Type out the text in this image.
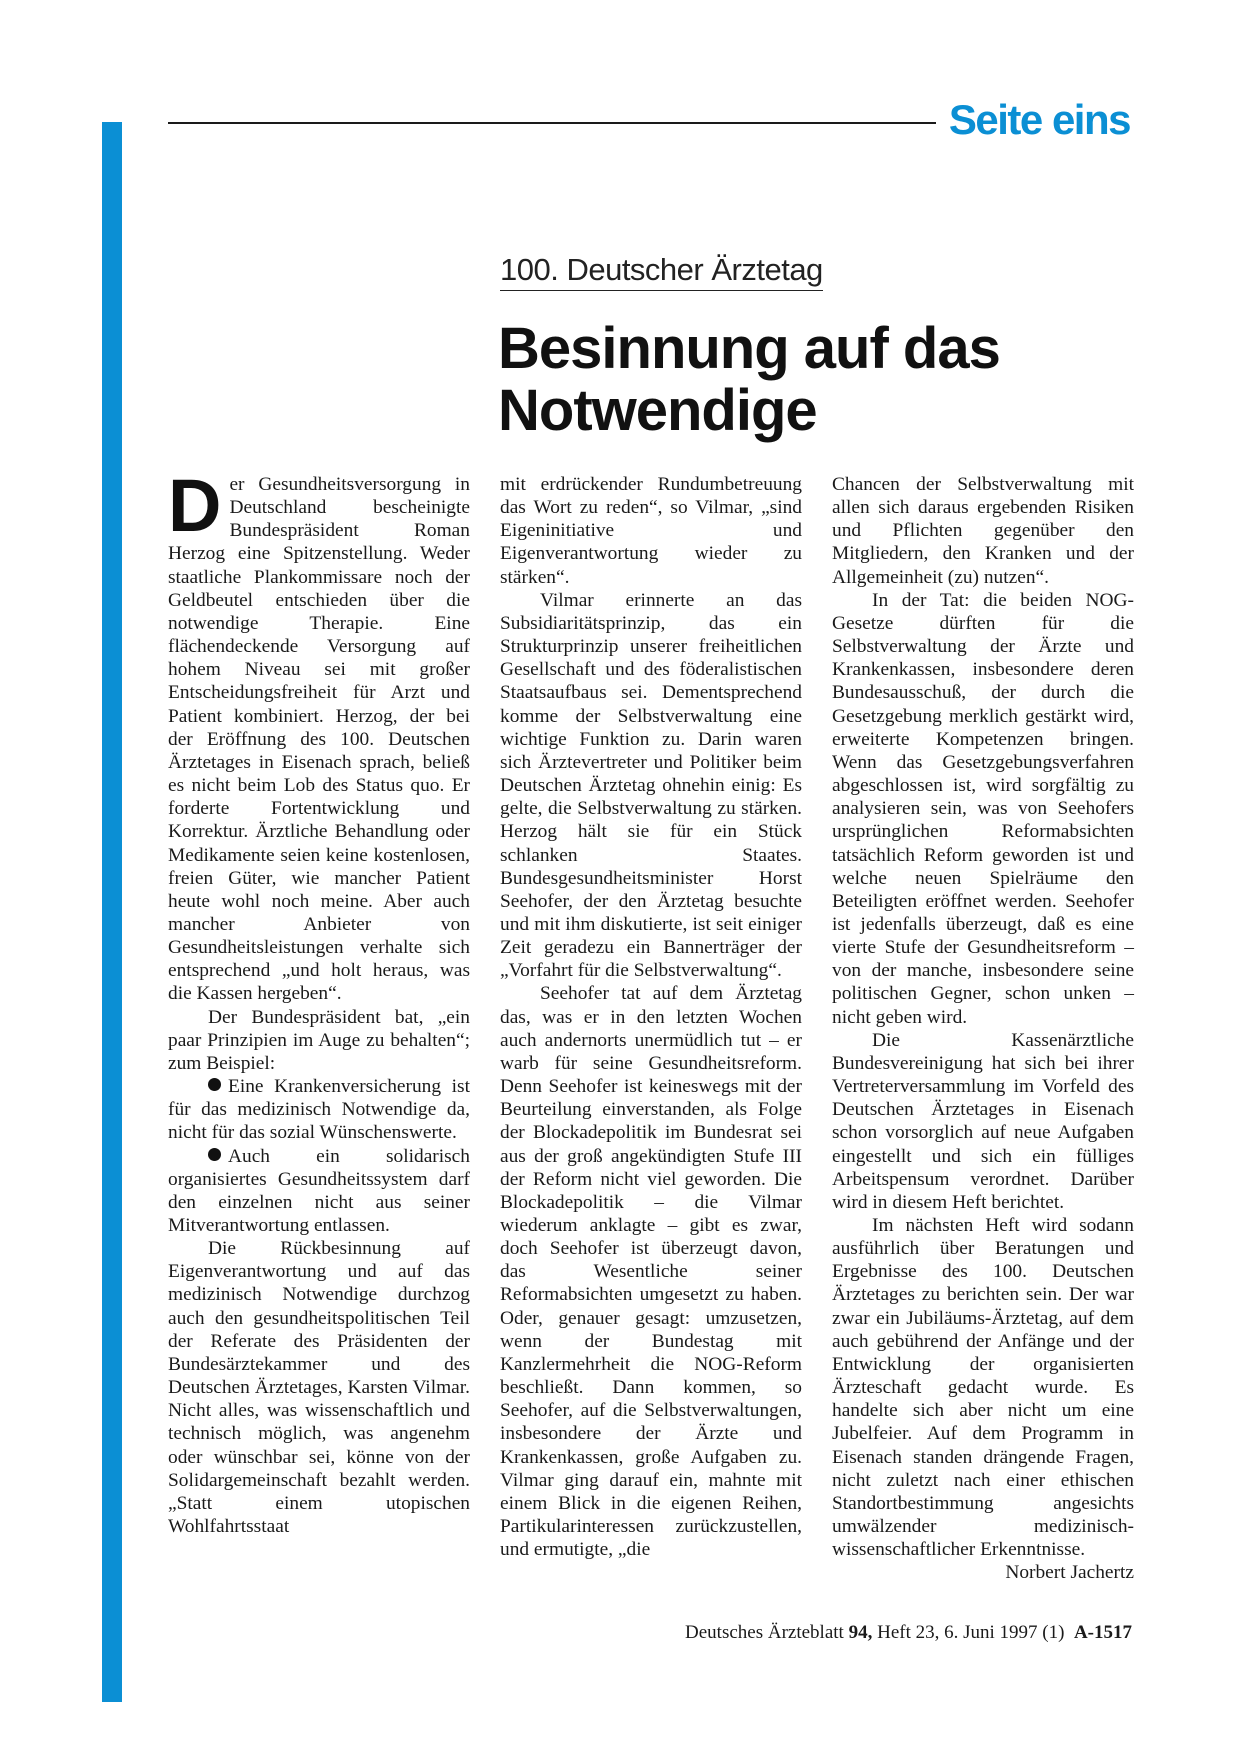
Seite eins
100. Deutscher Ärztetag
Besinnung auf das
Notwendige

Der Gesundheitsversorgung in Deutschland bescheinigte Bundespräsident Roman Herzog eine Spitzenstellung. Weder staatliche Plankommissare noch der Geldbeutel entschieden über die notwendige Therapie. Eine flächendeckende Versorgung auf hohem Niveau sei mit großer Entscheidungsfreiheit für Arzt und Patient kombiniert. Herzog, der bei der Eröffnung des 100. Deutschen Ärztetages in Eisenach sprach, beließ es nicht beim Lob des Status quo. Er forderte Fortentwicklung und Korrektur. Ärztliche Behandlung oder Medikamente seien keine kostenlosen, freien Güter, wie mancher Patient heute wohl noch meine. Aber auch mancher Anbieter von Gesundheitsleistungen verhalte sich entsprechend „und holt heraus, was die Kassen hergeben“.

Der Bundespräsident bat, „ein paar Prinzipien im Auge zu behalten“; zum Beispiel:

Eine Krankenversicherung ist für das medizinisch Notwendige da, nicht für das sozial Wünschenswerte.

Auch ein solidarisch organisiertes Gesundheitssystem darf den einzelnen nicht aus seiner Mitverantwortung entlassen.

Die Rückbesinnung auf Eigenverantwortung und auf das medizinisch Notwendige durchzog auch den gesundheitspolitischen Teil der Referate des Präsidenten der Bundesärztekammer und des Deutschen Ärztetages, Karsten Vilmar. Nicht alles, was wissenschaftlich und technisch möglich, was angenehm oder wünschbar sei, könne von der Solidargemeinschaft bezahlt werden. „Statt einem utopischen Wohlfahrtsstaat

mit erdrückender Rundumbetreuung das Wort zu reden“, so Vilmar, „sind Eigeninitiative und Eigenverantwortung wieder zu stärken“.

Vilmar erinnerte an das Subsidiaritätsprinzip, das ein Strukturprinzip unserer freiheitlichen Gesellschaft und des föderalistischen Staatsaufbaus sei. Dementsprechend komme der Selbstverwaltung eine wichtige Funktion zu. Darin waren sich Ärztevertreter und Politiker beim Deutschen Ärztetag ohnehin einig: Es gelte, die Selbstverwaltung zu stärken. Herzog hält sie für ein Stück schlanken Staates. Bundesgesundheitsminister Horst Seehofer, der den Ärztetag besuchte und mit ihm diskutierte, ist seit einiger Zeit geradezu ein Bannerträger der „Vorfahrt für die Selbstverwaltung“.

Seehofer tat auf dem Ärztetag das, was er in den letzten Wochen auch andernorts unermüdlich tut – er warb für seine Gesundheitsreform. Denn Seehofer ist keineswegs mit der Beurteilung einverstanden, als Folge der Blockadepolitik im Bundesrat sei aus der groß angekündigten Stufe III der Reform nicht viel geworden. Die Blockadepolitik – die Vilmar wiederum anklagte – gibt es zwar, doch Seehofer ist überzeugt davon, das Wesentliche seiner Reformabsichten umgesetzt zu haben. Oder, genauer gesagt: umzusetzen, wenn der Bundestag mit Kanzlermehrheit die NOG-Reform beschließt. Dann kommen, so Seehofer, auf die Selbstverwaltungen, insbesondere der Ärzte und Krankenkassen, große Aufgaben zu. Vilmar ging darauf ein, mahnte mit einem Blick in die eigenen Reihen, Partikularinteressen zurückzustellen, und ermutigte, „die

Chancen der Selbstverwaltung mit allen sich daraus ergebenden Risiken und Pflichten gegenüber den Mitgliedern, den Kranken und der Allgemeinheit (zu) nutzen“.

In der Tat: die beiden NOG-Gesetze dürften für die Selbstverwaltung der Ärzte und Krankenkassen, insbesondere deren Bundesausschuß, der durch die Gesetzgebung merklich gestärkt wird, erweiterte Kompetenzen bringen. Wenn das Gesetzgebungsverfahren abgeschlossen ist, wird sorgfältig zu analysieren sein, was von Seehofers ursprünglichen Reformabsichten tatsächlich Reform geworden ist und welche neuen Spielräume den Beteiligten eröffnet werden. Seehofer ist jedenfalls überzeugt, daß es eine vierte Stufe der Gesundheitsreform – von der manche, insbesondere seine politischen Gegner, schon unken – nicht geben wird.

Die Kassenärztliche Bundesvereinigung hat sich bei ihrer Vertreterversammlung im Vorfeld des Deutschen Ärztetages in Eisenach schon vorsorglich auf neue Aufgaben eingestellt und sich ein fülliges Arbeitspensum verordnet. Darüber wird in diesem Heft berichtet.

Im nächsten Heft wird sodann ausführlich über Beratungen und Ergebnisse des 100. Deutschen Ärztetages zu berichten sein. Der war zwar ein Jubiläums-Ärztetag, auf dem auch gebührend der Anfänge und der Entwicklung der organisierten Ärzteschaft gedacht wurde. Es handelte sich aber nicht um eine Jubelfeier. Auf dem Programm in Eisenach standen drängende Fragen, nicht zuletzt nach einer ethischen Standortbestimmung angesichts umwälzender medizinisch-wissenschaftlicher Erkenntnisse.

Norbert Jachertz

Deutsches Ärzteblatt 94, Heft 23, 6. Juni 1997 (1) A-1517
